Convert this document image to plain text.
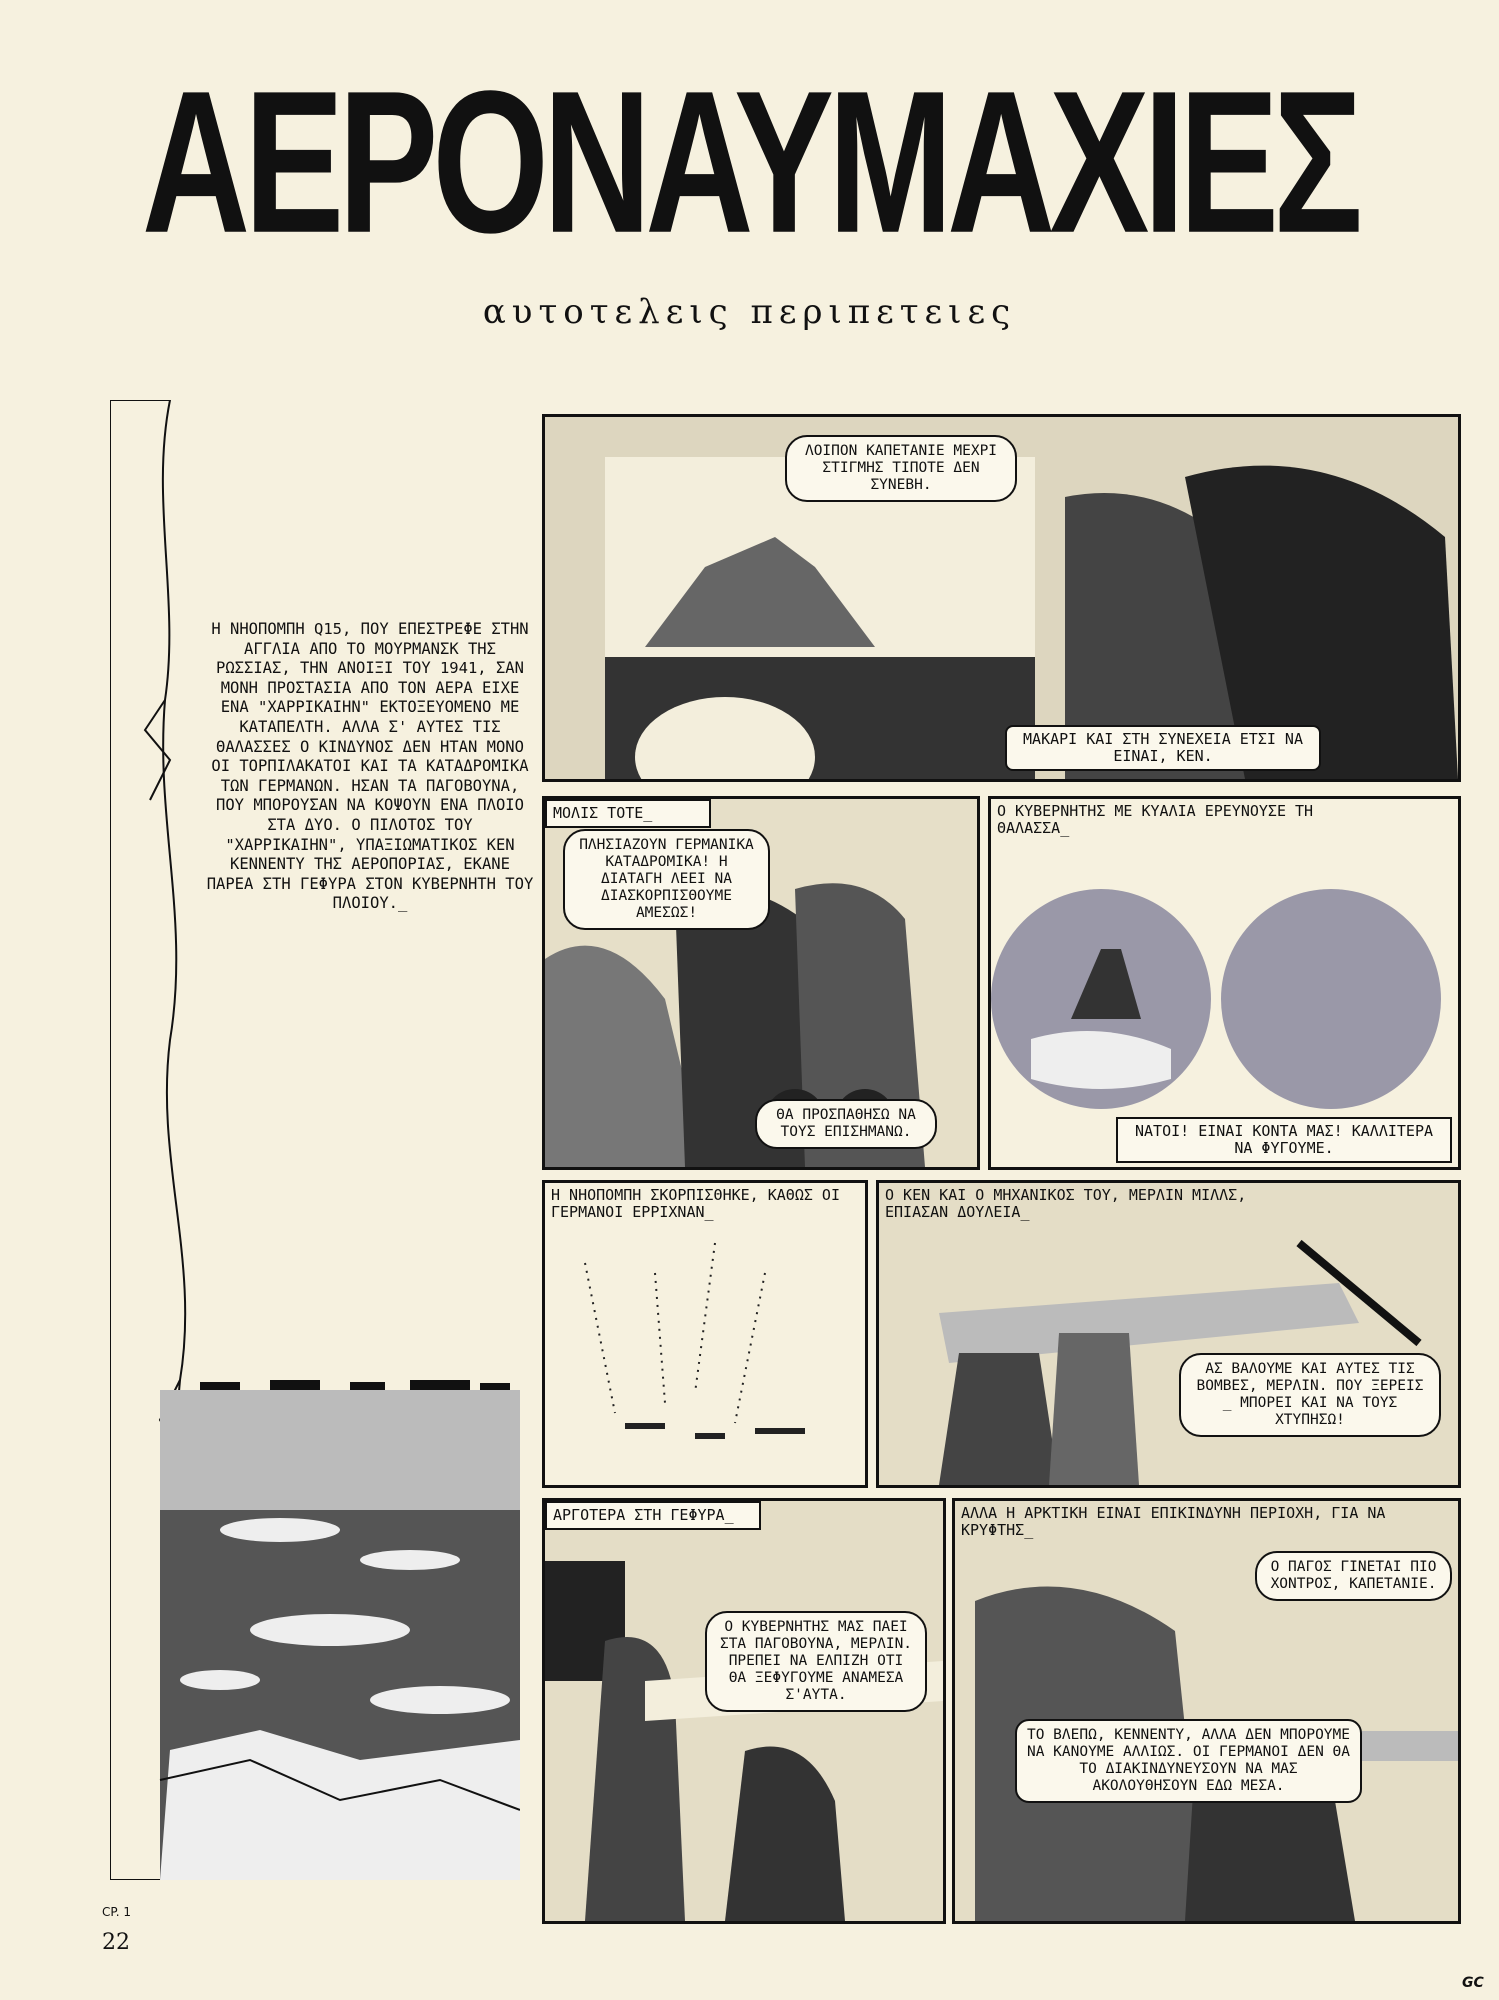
ΑΕΡΟΝΑΥΜΑΧΙΕΣ
αυτοτελεις περιπετειες
Η ΝΗΟΠΟΜΠΗ Q15, ΠΟΥ ΕΠΕΣΤΡΕΦΕ ΣΤΗΝ ΑΓΓΛΙΑ ΑΠΟ ΤΟ ΜΟΥΡΜΑΝΣΚ ΤΗΣ ΡΩΣΣΙΑΣ, ΤΗΝ ΑΝΟΙΞΙ ΤΟΥ 1941, ΣΑΝ ΜΟΝΗ ΠΡΟΣΤΑΣΙΑ ΑΠΟ ΤΟΝ ΑΕΡΑ ΕΙΧΕ ΕΝΑ "ΧΑΡΡΙΚΑΙΗΝ" ΕΚΤΟΞΕΥΟΜΕΝΟ ΜΕ ΚΑΤΑΠΕΛΤΗ. ΑΛΛΑ Σ' ΑΥΤΕΣ ΤΙΣ ΘΑΛΑΣΣΕΣ Ο ΚΙΝΔΥΝΟΣ ΔΕΝ ΗΤΑΝ ΜΟΝΟ ΟΙ ΤΟΡΠΙΛΑΚΑΤΟΙ ΚΑΙ ΤΑ ΚΑΤΑΔΡΟΜΙΚΑ ΤΩΝ ΓΕΡΜΑΝΩΝ. ΗΣΑΝ ΤΑ ΠΑΓΟΒΟΥΝΑ, ΠΟΥ ΜΠΟΡΟΥΣΑΝ ΝΑ ΚΟΨΟΥΝ ΕΝΑ ΠΛΟΙΟ ΣΤΑ ΔΥΟ. Ο ΠΙΛΟΤΟΣ ΤΟΥ "ΧΑΡΡΙΚΑΙΗΝ", ΥΠΑΞΙΩΜΑΤΙΚΟΣ ΚΕΝ ΚΕΝΝΕΝΤΥ ΤΗΣ ΑΕΡΟΠΟΡΙΑΣ, ΕΚΑΝΕ ΠΑΡΕΑ ΣΤΗ ΓΕΦΥΡΑ ΣΤΟΝ ΚΥΒΕΡΝΗΤΗ ΤΟΥ ΠΛΟΙΟΥ._
ΛΟΙΠΟΝ ΚΑΠΕΤΑΝΙΕ ΜΕΧΡΙ ΣΤΙΓΜΗΣ ΤΙΠΟΤΕ ΔΕΝ ΣΥΝΕΒΗ.
ΜΑΚΑΡΙ ΚΑΙ ΣΤΗ ΣΥΝΕΧΕΙΑ ΕΤΣΙ ΝΑ ΕΙΝΑΙ, ΚΕΝ.
ΜΟΛΙΣ ΤΟΤΕ_
ΠΛΗΣΙΑΖΟΥΝ ΓΕΡΜΑΝΙΚΑ ΚΑΤΑΔΡΟΜΙΚΑ! Η ΔΙΑΤΑΓΗ ΛΕΕΙ ΝΑ ΔΙΑΣΚΟΡΠΙΣΘΟΥΜΕ ΑΜΕΣΩΣ!
ΘΑ ΠΡΟΣΠΑΘΗΣΩ ΝΑ ΤΟΥΣ ΕΠΙΣΗΜΑΝΩ.
Ο ΚΥΒΕΡΝΗΤΗΣ ΜΕ ΚΥΑΛΙΑ ΕΡΕΥΝΟΥΣΕ ΤΗ ΘΑΛΑΣΣΑ_
ΝΑΤΟΙ! ΕΙΝΑΙ ΚΟΝΤΑ ΜΑΣ! ΚΑΛΛΙΤΕΡΑ ΝΑ ΦΥΓΟΥΜΕ.
Η ΝΗΟΠΟΜΠΗ ΣΚΟΡΠΙΣΘΗΚΕ, ΚΑΘΩΣ ΟΙ ΓΕΡΜΑΝΟΙ ΕΡΡΙΧΝΑΝ_
Ο ΚΕΝ ΚΑΙ Ο ΜΗΧΑΝΙΚΟΣ ΤΟΥ, ΜΕΡΛΙΝ ΜΙΛΛΣ, ΕΠΙΑΣΑΝ ΔΟΥΛΕΙΑ_
ΑΣ ΒΑΛΟΥΜΕ ΚΑΙ ΑΥΤΕΣ ΤΙΣ ΒΟΜΒΕΣ, ΜΕΡΛΙΝ. ΠΟΥ ΞΕΡΕΙΣ _ ΜΠΟΡΕΙ ΚΑΙ ΝΑ ΤΟΥΣ ΧΤΥΠΗΣΩ!
ΑΡΓΟΤΕΡΑ ΣΤΗ ΓΕΦΥΡΑ_
Ο ΚΥΒΕΡΝΗΤΗΣ ΜΑΣ ΠΑΕΙ ΣΤΑ ΠΑΓΟΒΟΥΝΑ, ΜΕΡΛΙΝ. ΠΡΕΠΕΙ ΝΑ ΕΛΠΙΖΗ ΟΤΙ ΘΑ ΞΕΦΥΓΟΥΜΕ ΑΝΑΜΕΣΑ Σ'ΑΥΤΑ.
ΑΛΛΑ Η ΑΡΚΤΙΚΗ ΕΙΝΑΙ ΕΠΙΚΙΝΔΥΝΗ ΠΕΡΙΟΧΗ, ΓΙΑ ΝΑ ΚΡΥΦΤΗΣ_
Ο ΠΑΓΟΣ ΓΙΝΕΤΑΙ ΠΙΟ ΧΟΝΤΡΟΣ, ΚΑΠΕΤΑΝΙΕ.
ΤΟ ΒΛΕΠΩ, ΚΕΝΝΕΝΤΥ, ΑΛΛΑ ΔΕΝ ΜΠΟΡΟΥΜΕ ΝΑ ΚΑΝΟΥΜΕ ΑΛΛΙΩΣ. ΟΙ ΓΕΡΜΑΝΟΙ ΔΕΝ ΘΑ ΤΟ ΔΙΑΚΙΝΔΥΝΕΥΣΟΥΝ ΝΑ ΜΑΣ ΑΚΟΛΟΥΘΗΣΟΥΝ ΕΔΩ ΜΕΣΑ.
CP. 1
22
GC
